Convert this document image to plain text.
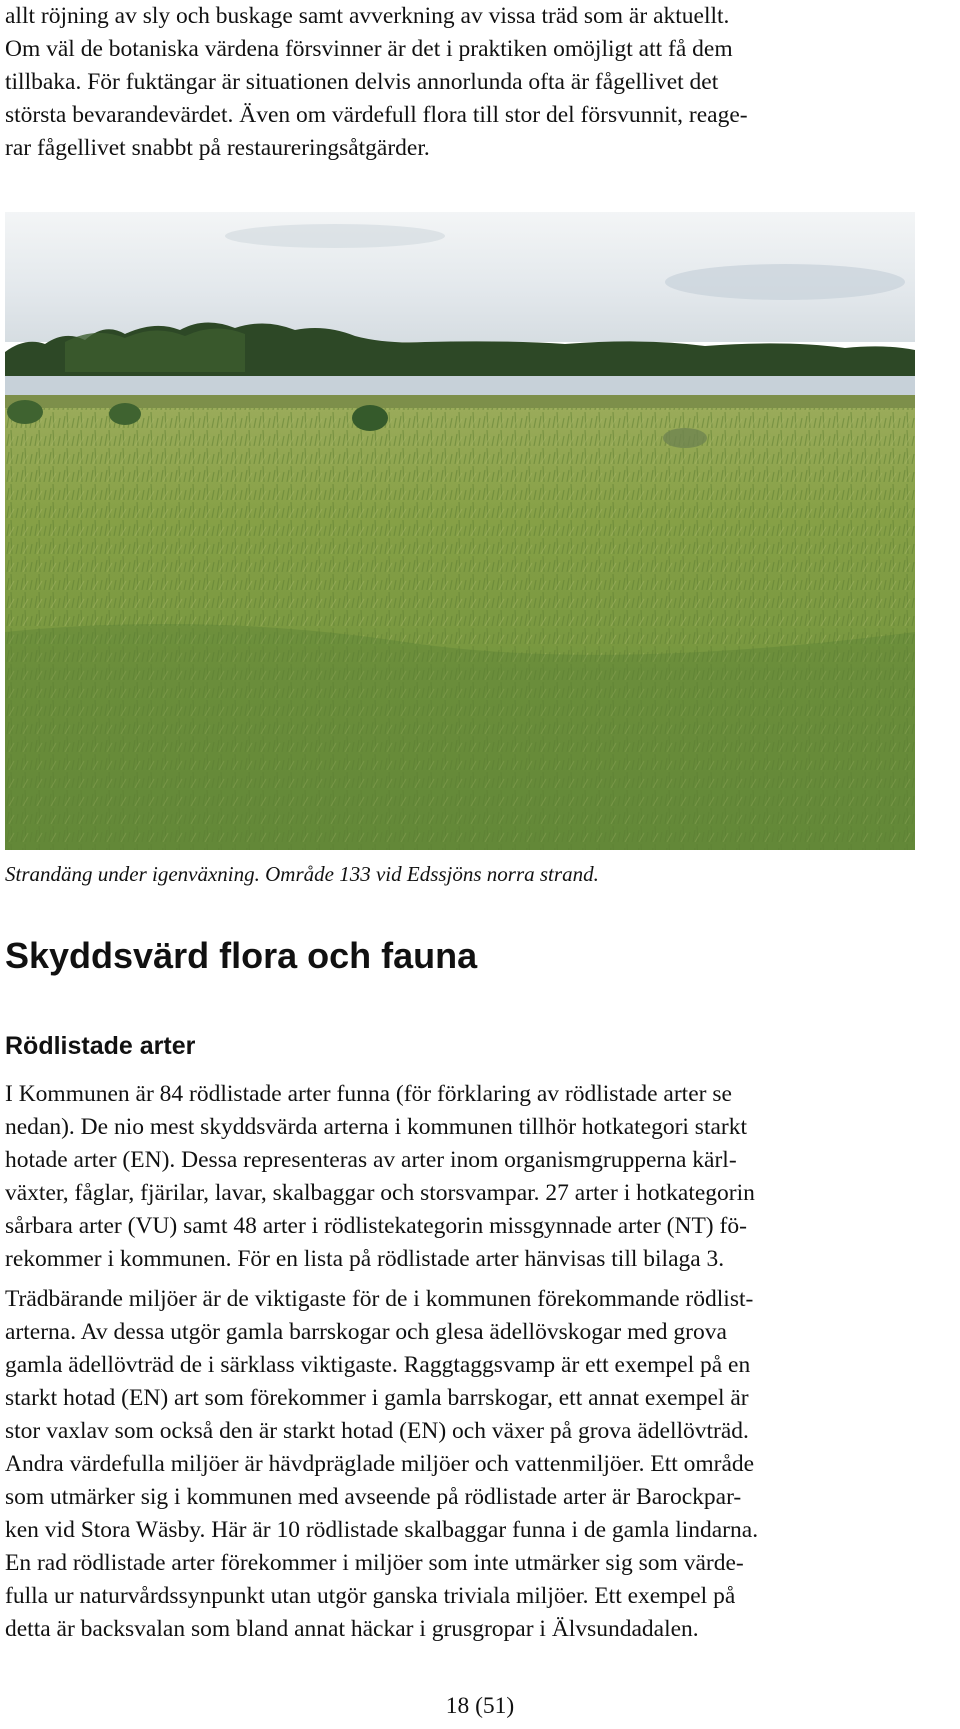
allt röjning av sly och buskage samt avverkning av vissa träd som är aktuellt.
Om väl de botaniska värdena försvinner är det i praktiken omöjligt att få dem
tillbaka. För fuktängar är situationen delvis annorlunda ofta är fågellivet det
största bevarandevärdet. Även om värdefull flora till stor del försvunnit, reage-
rar fågellivet snabbt på restaureringsåtgärder.

Strandäng under igenväxning. Område 133 vid Edssjöns norra strand.

Skyddsvärd flora och fauna
Rödlistade arter

I Kommunen är 84 rödlistade arter funna (för förklaring av rödlistade arter se
nedan). De nio mest skyddsvärda arterna i kommunen tillhör hotkategori starkt
hotade arter (EN). Dessa representeras av arter inom organismgrupperna kärl-
växter, fåglar, fjärilar, lavar, skalbaggar och storsvampar. 27 arter i hotkategorin
sårbara arter (VU) samt 48 arter i rödlistekategorin missgynnade arter (NT) fö-
rekommer i kommunen. För en lista på rödlistade arter hänvisas till bilaga 3.

Trädbärande miljöer är de viktigaste för de i kommunen förekommande rödlist-
arterna. Av dessa utgör gamla barrskogar och glesa ädellövskogar med grova
gamla ädellövträd de i särklass viktigaste. Raggtaggsvamp är ett exempel på en
starkt hotad (EN) art som förekommer i gamla barrskogar, ett annat exempel är
stor vaxlav som också den är starkt hotad (EN) och växer på grova ädellövträd.
Andra värdefulla miljöer är hävdpräglade miljöer och vattenmiljöer. Ett område
som utmärker sig i kommunen med avseende på rödlistade arter är Barockpar-
ken vid Stora Wäsby. Här är 10 rödlistade skalbaggar funna i de gamla lindarna.
En rad rödlistade arter förekommer i miljöer som inte utmärker sig som värde-
fulla ur naturvårdssynpunkt utan utgör ganska triviala miljöer. Ett exempel på
detta är backsvalan som bland annat häckar i grusgropar i Älvsundadalen.

18 (51)
